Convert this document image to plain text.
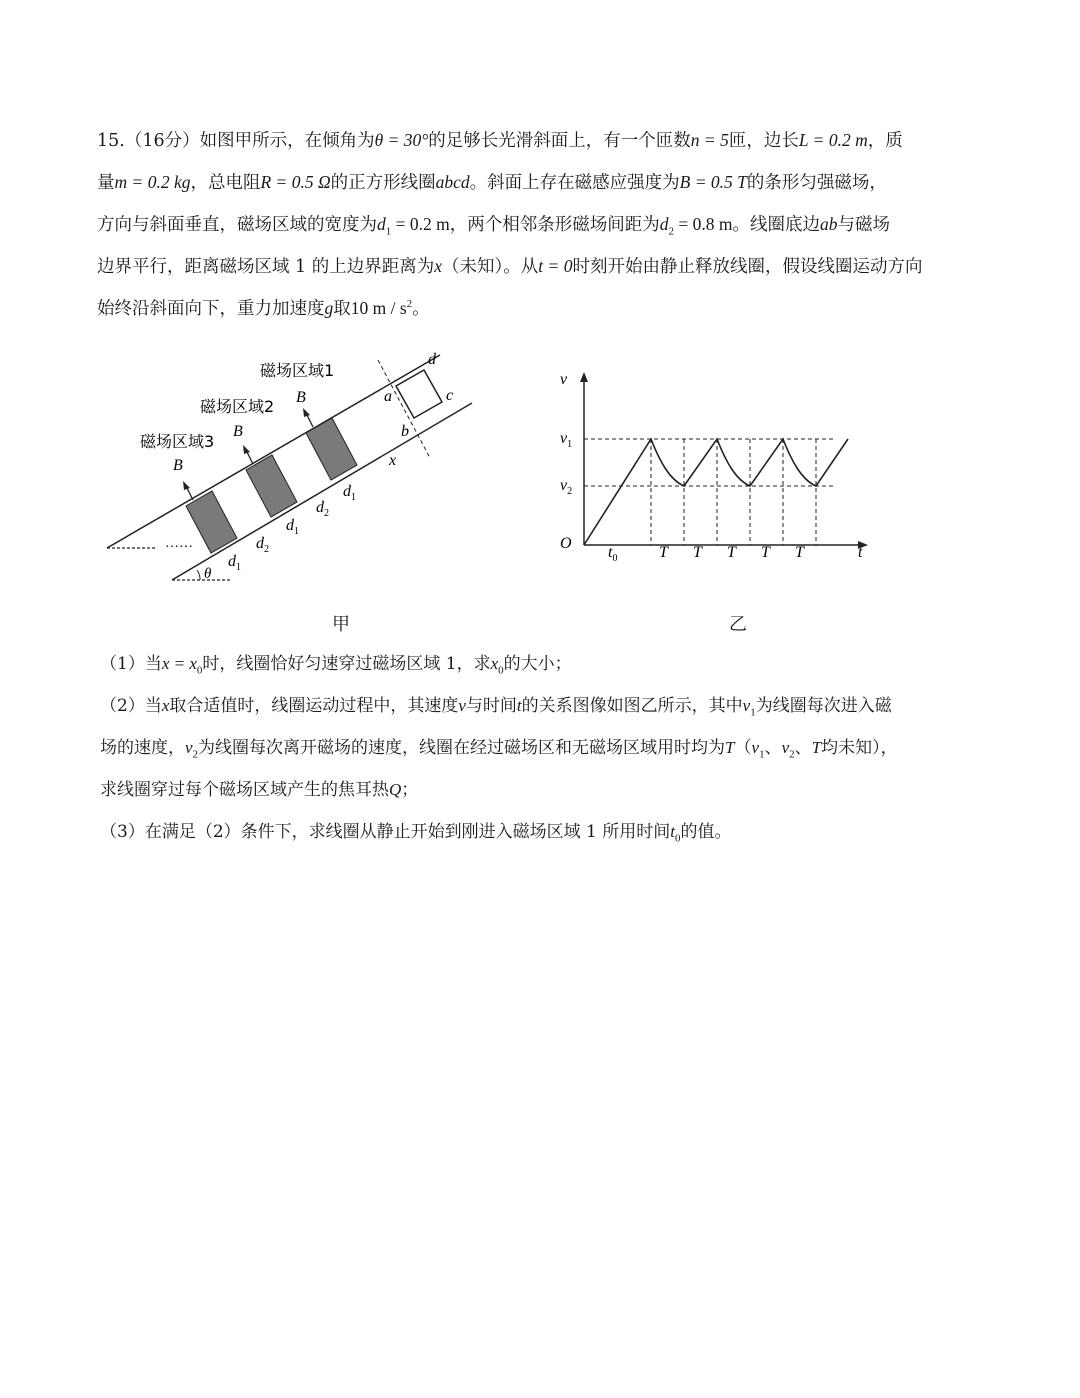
15.（16分）如图甲所示，在倾角为θ = 30°的足够长光滑斜面上，有一个匝数n = 5匝，边长L = 0.2 m，质
量m = 0.2 kg，总电阻R = 0.5 Ω的正方形线圈abcd。斜面上存在磁感应强度为B = 0.5 T的条形匀强磁场，
方向与斜面垂直，磁场区域的宽度为$d_1 = 0.2$ m，两个相邻条形磁场间距为$d_2 = 0.8$ m。线圈底边ab与磁场
边界平行，距离磁场区域 1 的上边界距离为x（未知）。从t = 0时刻开始由静止释放线圈，假设线圈运动方向
始终沿斜面向下，重力加速度g取10 m / $s^2$。
……
磁场区域1
磁场区域2
磁场区域3
B
B
B
a
b
c
d
x
$d_1$
$d_2$
$d_1$
$d_2$
$d_1$
θ
甲
v
t
O
$v_1$
$v_2$
$t_0$	T T T T T
乙
（1）当$x = x_0$时，线圈恰好匀速穿过磁场区域 1，求$x_0$的大小；
（2）当x取合适值时，线圈运动过程中，其速度v与时间t的关系图像如图乙所示，其中$v_1$为线圈每次进入磁
场的速度，$v_2$为线圈每次离开磁场的速度，线圈在经过磁场区和无磁场区域用时均为$T(v_1$、$v_2$、T均未知），
求线圈穿过每个磁场区域产生的焦耳热Q；
（3）在满足（2）条件下，求线圈从静止开始到刚进入磁场区域 1 所用时间$t_0$的值。
